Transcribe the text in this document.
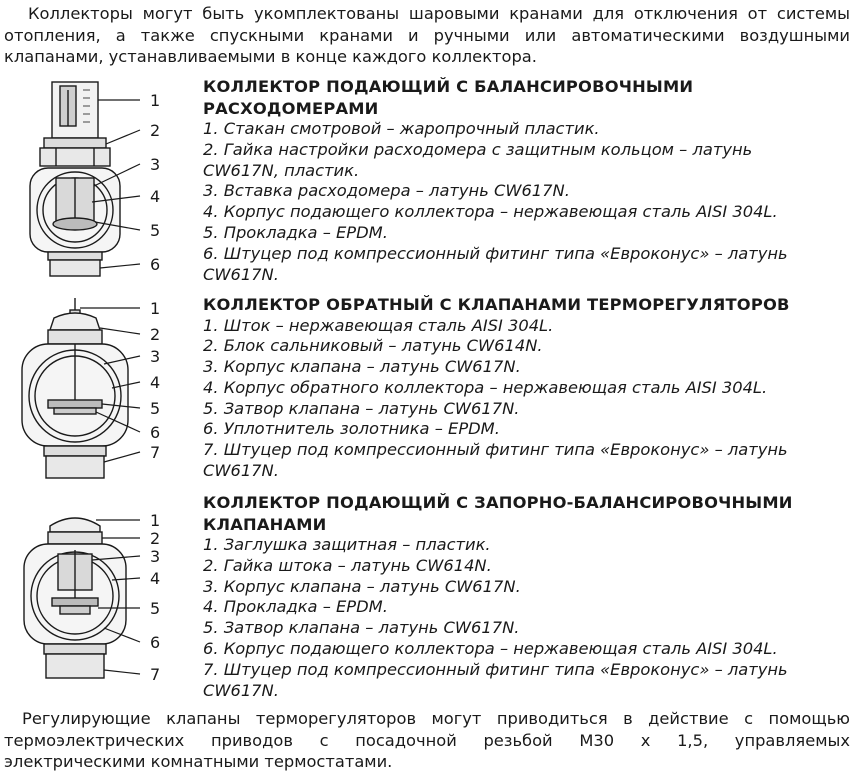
Коллекторы могут быть укомплектованы шаровыми кранами для отключения от системы
отопления, а также спускными кранами и ручными или автоматическими воздушными
клапанами, устанавливаемыми в конце каждого коллектора.
1
2
3
4
5
6

КОЛЛЕКТОР ПОДАЮЩИЙ С БАЛАНСИРОВОЧНЫМИ
РАСХОДОМЕРАМИ

1. Стакан смотровой – жаропрочный пластик.
2. Гайка настройки расходомера с защитным кольцом – латунь
CW617N, пластик.
3. Вставка расходомера – латунь CW617N.
4. Корпус подающего коллектора – нержавеющая сталь AISI 304L.
5. Прокладка – EPDM.
6. Штуцер под компрессионный фитинг типа «Евроконус» – латунь
CW617N.
1
2
3
4
5
6
7

КОЛЛЕКТОР ОБРАТНЫЙ С КЛАПАНАМИ ТЕРМОРЕГУЛЯТОРОВ

1. Шток – нержавеющая сталь AISI 304L.
2. Блок сальниковый – латунь CW614N.
3. Корпус клапана – латунь CW617N.
4. Корпус обратного коллектора – нержавеющая сталь AISI 304L.
5. Затвор клапана – латунь CW617N.
6. Уплотнитель золотника – EPDM.
7. Штуцер под компрессионный фитинг типа «Евроконус» – латунь
CW617N.
1
2
3
4
5
6
7

КОЛЛЕКТОР ПОДАЮЩИЙ С ЗАПОРНО-БАЛАНСИРОВОЧНЫМИ
КЛАПАНАМИ

1. Заглушка защитная – пластик.
2. Гайка штока – латунь CW614N.
3. Корпус клапана – латунь CW617N.
4. Прокладка – EPDM.
5. Затвор клапана – латунь CW617N.
6. Корпус подающего коллектора – нержавеющая сталь AISI 304L.
7. Штуцер под компрессионный фитинг типа «Евроконус» – латунь
CW617N.
Регулирующие клапаны терморегуляторов могут приводиться в действие с помощью
термоэлектрических приводов с посадочной резьбой М30 х 1,5, управляемых
электрическими комнатными термостатами.
